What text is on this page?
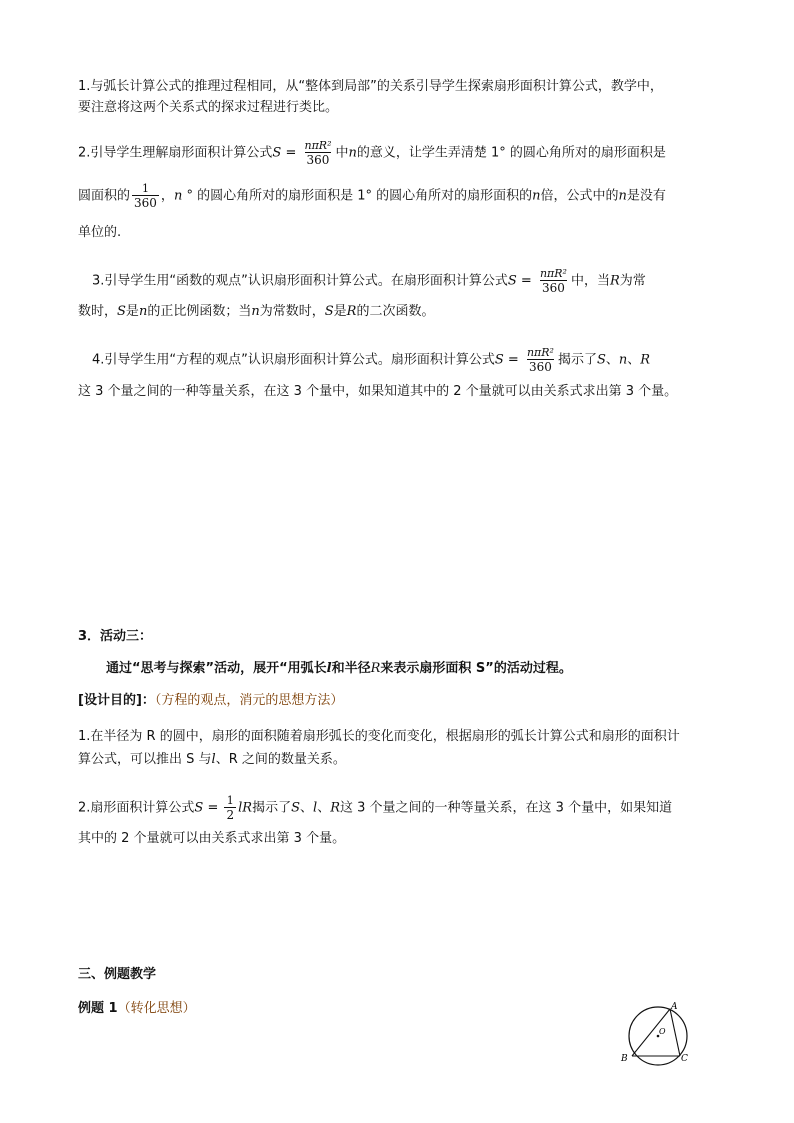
1.与弧长计算公式的推理过程相同，从“整体到局部”的关系引导学生探索扇形面积计算公式，教学中，
要注意将这两个关系式的探求过程进行类比。
2.引导学生理解扇形面积计算公式$S = \frac{\text{nπR²}}{360}$ 中n的意义，让学生弄清楚 1° 的圆心角所对的扇形面积是
圆面积的 $\frac{1}{360}$ ，n ° 的圆心角所对的扇形面积是 1° 的圆心角所对的扇形面积的n倍，公式中的n是没有
单位的.
3.引导学生用“函数的观点”认识扇形面积计算公式。在扇形面积计算公式$S = \frac{\text{nπR²}}{360}$ 中，当R为常
数时，S是n的正比例函数；当n为常数时，S是R的二次函数。
4.引导学生用“方程的观点”认识扇形面积计算公式。扇形面积计算公式$S = \frac{\text{nπR²}}{360}$ 揭示了S、n、R
这 3 个量之间的一种等量关系，在这 3 个量中，如果知道其中的 2 个量就可以由关系式求出第 3 个量。
3．活动三：
通过“思考与探索”活动，展开“用弧长l和半径R来表示扇形面积 S”的活动过程。
[设计目的]：（方程的观点，消元的思想方法）
1.在半径为 R 的圆中，扇形的面积随着扇形弧长的变化而变化，根据扇形的弧长计算公式和扇形的面积计
算公式，可以推出 S 与l、R 之间的数量关系。
2.扇形面积计算公式$S = \frac{1}{2}$ lR揭示了S、l、R这 3 个量之间的一种等量关系，在这 3 个量中，如果知道
其中的 2 个量就可以由关系式求出第 3 个量。
三、例题教学
例题 1（转化思想）	A
B	C
O
